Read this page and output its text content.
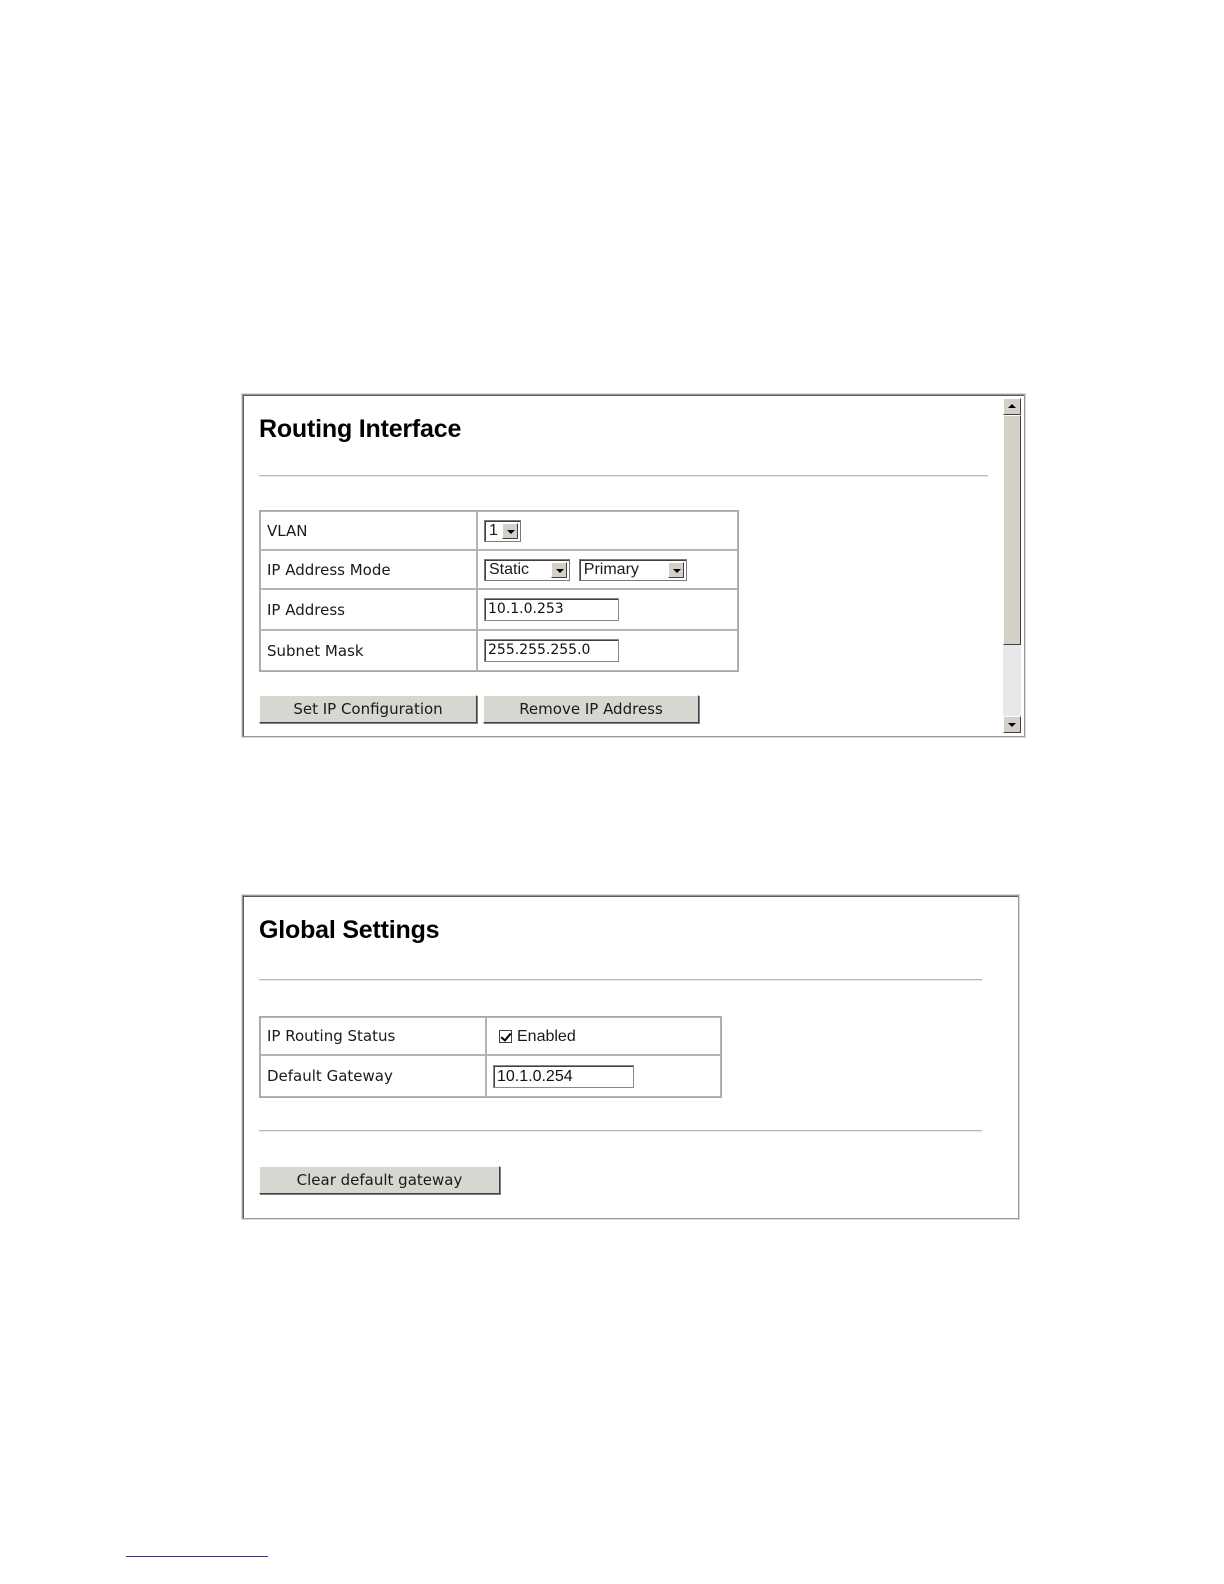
Routing Interface
VLAN	1

IP Address Mode	Static Primary

IP Address	10.1.0.253
Subnet Mask	255.255.255.0
Set IP Configuration	Remove IP Address
Global Settings
IP Routing Status	Enabled
Default Gateway	10.1.0.254
Clear default gateway
